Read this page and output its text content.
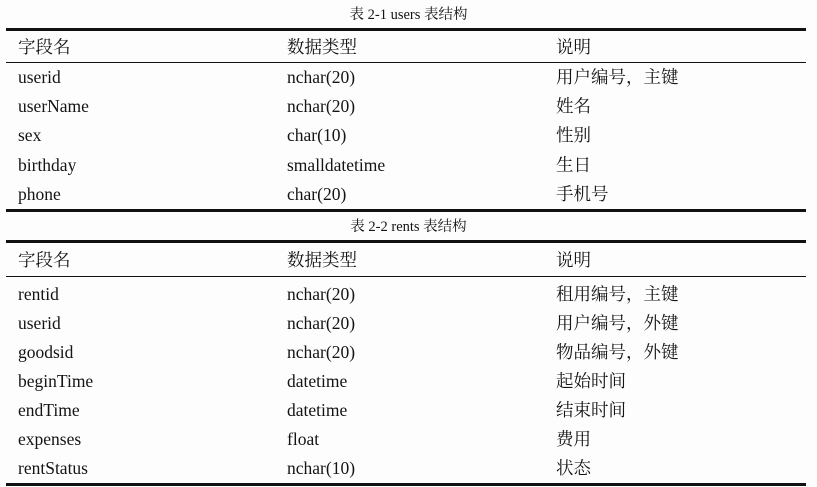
表 2-1 users 表结构
字段名	数据类型	说明
userid	nchar(20)	用户编号，主键
userName	nchar(20)	姓名
sex	char(10)	性别
birthday	smalldatetime	生日
phone	char(20)	手机号
表 2-2 rents 表结构
字段名	数据类型	说明
rentid	nchar(20)	租用编号，主键
userid	nchar(20)	用户编号，外键
goodsid	nchar(20)	物品编号，外键
beginTime	datetime	起始时间
endTime	datetime	结束时间
expenses	float	费用
rentStatus	nchar(10)	状态
